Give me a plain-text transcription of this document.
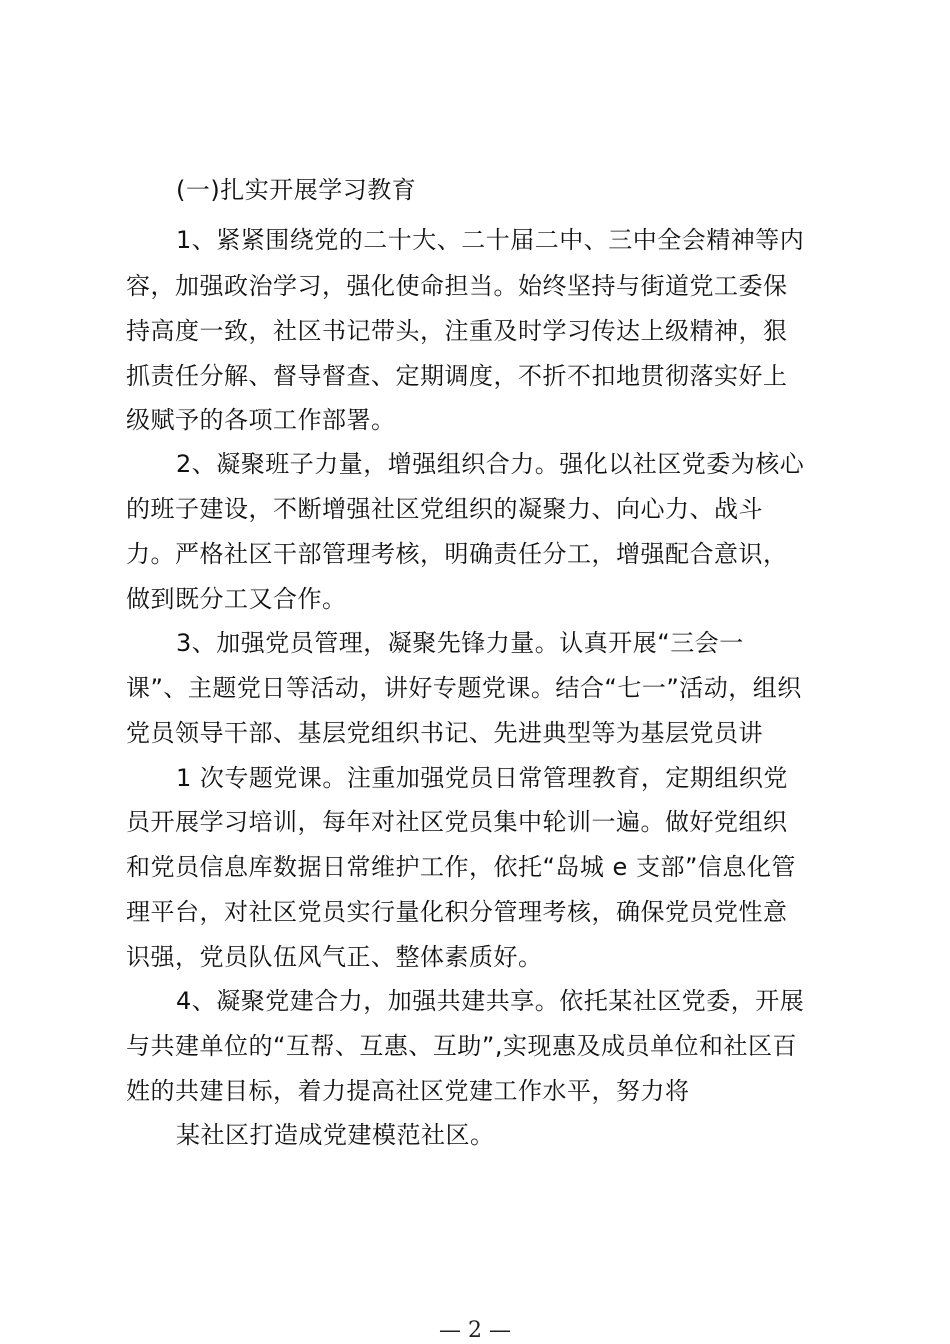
(一)扎实开展学习教育
1、紧紧围绕党的二十大、二十届二中、三中全会精神等内
容，加强政治学习，强化使命担当。始终坚持与街道党工委保
持高度一致，社区书记带头，注重及时学习传达上级精神，狠
抓责任分解、督导督查、定期调度，不折不扣地贯彻落实好上
级赋予的各项工作部署。
2、凝聚班子力量，增强组织合力。强化以社区党委为核心
的班子建设，不断增强社区党组织的凝聚力、向心力、战斗
力。严格社区干部管理考核，明确责任分工，增强配合意识，
做到既分工又合作。
3、加强党员管理，凝聚先锋力量。认真开展“三会一
课”、主题党日等活动，讲好专题党课。结合“七一”活动，组织
党员领导干部、基层党组织书记、先进典型等为基层党员讲
1 次专题党课。注重加强党员日常管理教育，定期组织党
员开展学习培训，每年对社区党员集中轮训一遍。做好党组织
和党员信息库数据日常维护工作，依托“岛城 e 支部”信息化管
理平台，对社区党员实行量化积分管理考核，确保党员党性意
识强，党员队伍风气正、整体素质好。
4、凝聚党建合力，加强共建共享。依托某社区党委，开展
与共建单位的“互帮、互惠、互助”,实现惠及成员单位和社区百
姓的共建目标，着力提高社区党建工作水平，努力将
某社区打造成党建模范社区。
— 2 —
